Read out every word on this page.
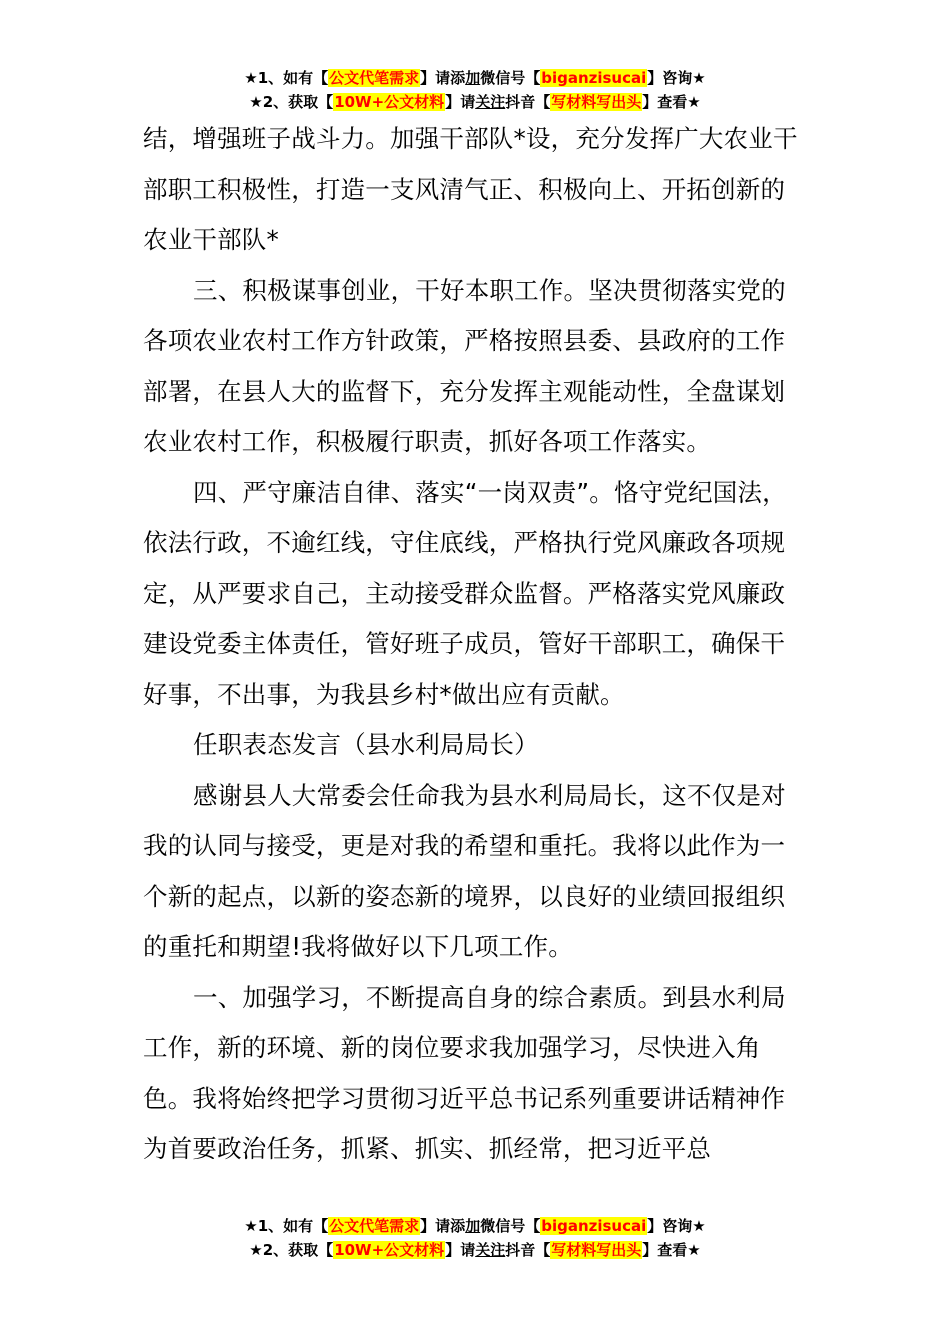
★1、如有【公文代笔需求】请添加微信号【biganzisucai】咨询★
★2、获取【10W+公文材料】请关注抖音【写材料写出头】查看★

结，增强班子战斗力。加强干部队*设，充分发挥广大农业干部职工积极性，打造一支风清气正、积极向上、开拓创新的农业干部队*

三、积极谋事创业，干好本职工作。坚决贯彻落实党的各项农业农村工作方针政策，严格按照县委、县政府的工作部署，在县人大的监督下，充分发挥主观能动性，全盘谋划农业农村工作，积极履行职责，抓好各项工作落实。

四、严守廉洁自律、落实“一岗双责”。恪守党纪国法，依法行政，不逾红线，守住底线，严格执行党风廉政各项规定，从严要求自己，主动接受群众监督。严格落实党风廉政建设党委主体责任，管好班子成员，管好干部职工，确保干好事，不出事，为我县乡村*做出应有贡献。

任职表态发言（县水利局局长）

感谢县人大常委会任命我为县水利局局长，这不仅是对我的认同与接受，更是对我的希望和重托。我将以此作为一个新的起点，以新的姿态新的境界，以良好的业绩回报组织的重托和期望!我将做好以下几项工作。

一、加强学习，不断提高自身的综合素质。到县水利局工作，新的环境、新的岗位要求我加强学习，尽快进入角色。我将始终把学习贯彻习近平总书记系列重要讲话精神作为首要政治任务，抓紧、抓实、抓经常，把习近平总

★1、如有【公文代笔需求】请添加微信号【biganzisucai】咨询★
★2、获取【10W+公文材料】请关注抖音【写材料写出头】查看★
